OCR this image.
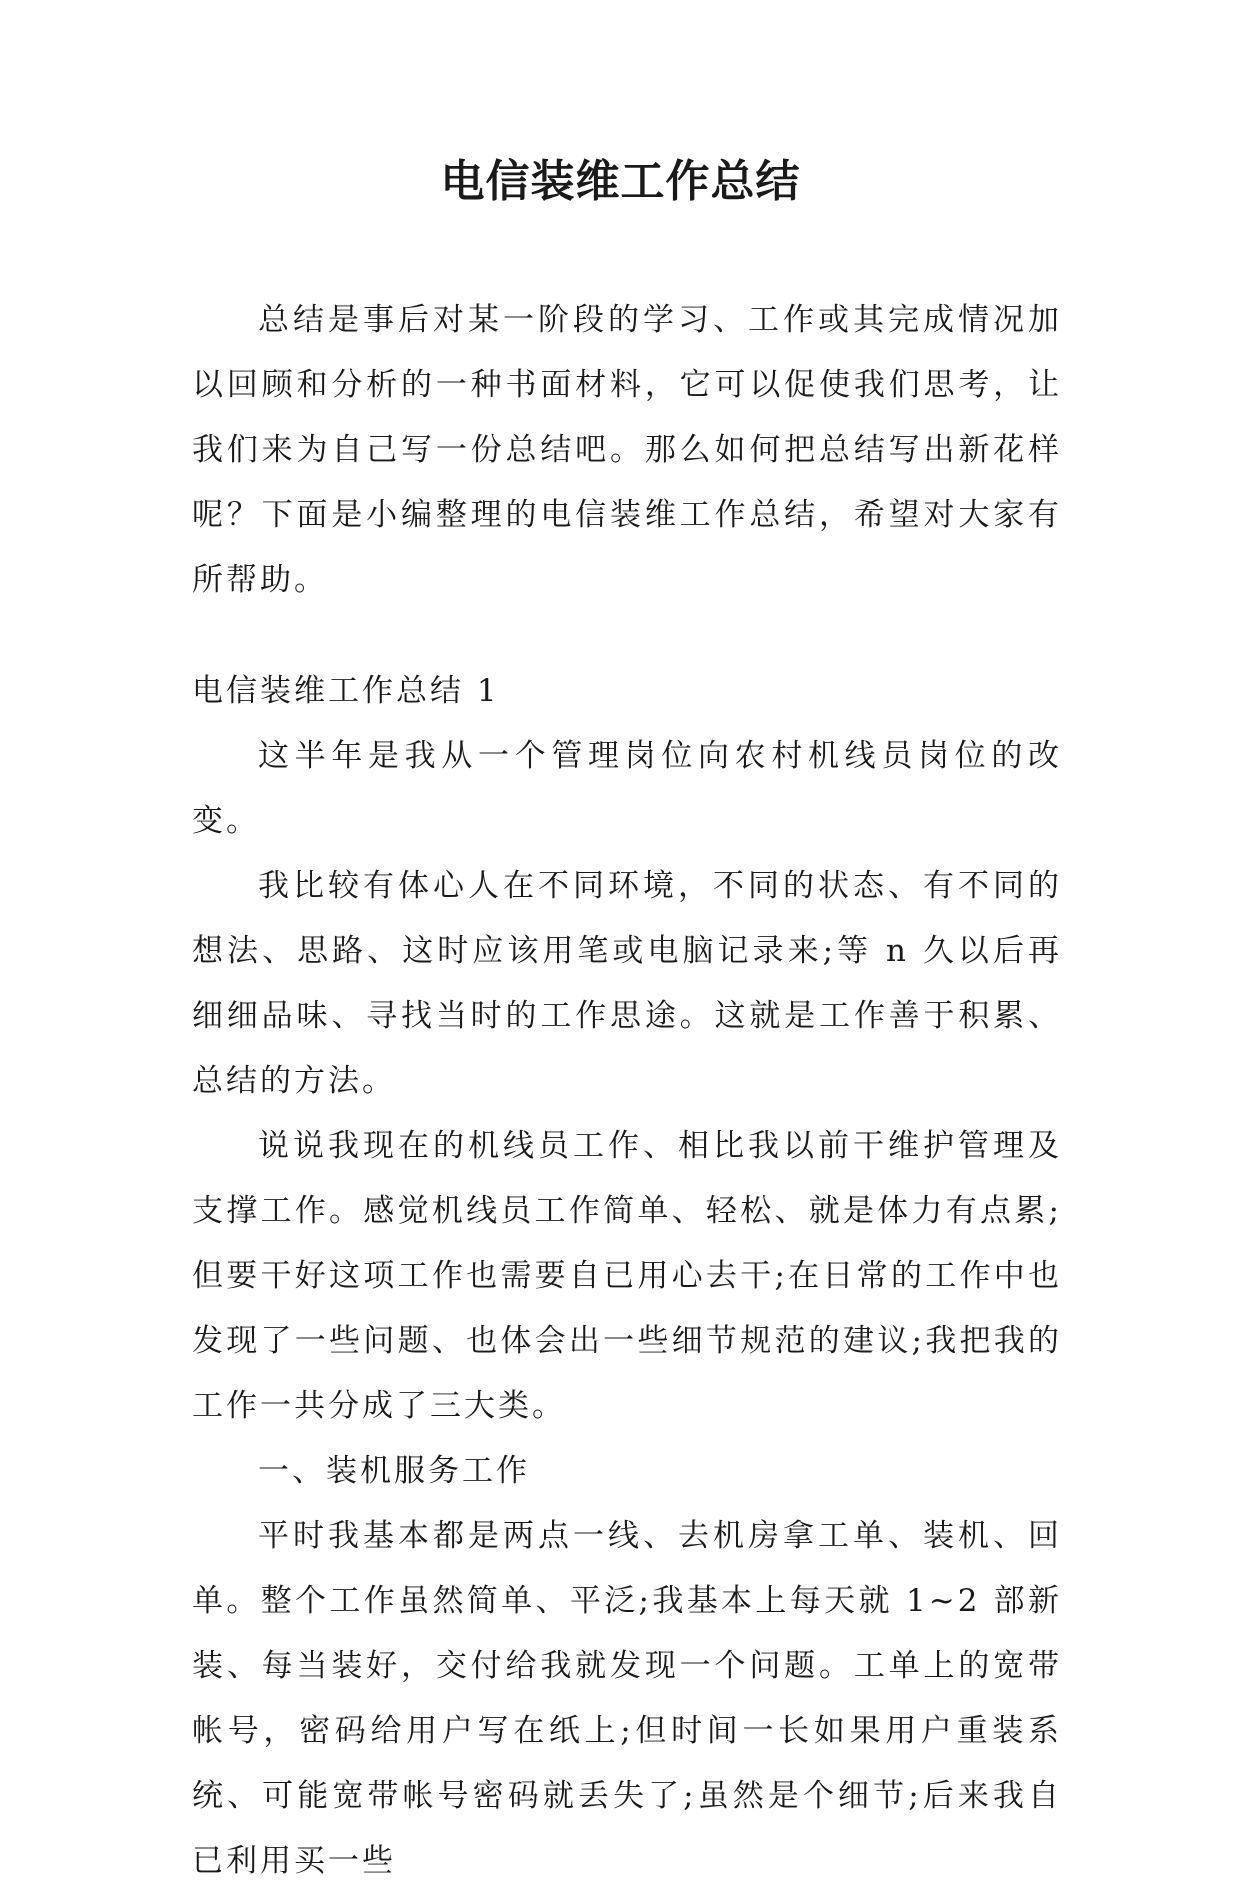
电信装维工作总结

总结是事后对某一阶段的学习、工作或其完成情况加以回顾和分析的一种书面材料，它可以促使我们思考，让我们来为自己写一份总结吧。那么如何把总结写出新花样呢？下面是小编整理的电信装维工作总结，希望对大家有所帮助。

电信装维工作总结 1

这半年是我从一个管理岗位向农村机线员岗位的改变。

我比较有体心人在不同环境，不同的状态、有不同的想法、思路、这时应该用笔或电脑记录来;等 n 久以后再细细品味、寻找当时的工作思途。这就是工作善于积累、总结的方法。

说说我现在的机线员工作、相比我以前干维护管理及支撑工作。感觉机线员工作简单、轻松、就是体力有点累;但要干好这项工作也需要自已用心去干;在日常的工作中也发现了一些问题、也体会出一些细节规范的建议;我把我的工作一共分成了三大类。

一、装机服务工作

平时我基本都是两点一线、去机房拿工单、装机、回单。整个工作虽然简单、平泛;我基本上每天就 1~2 部新装、每当装好，交付给我就发现一个问题。工单上的宽带帐号，密码给用户写在纸上;但时间一长如果用户重装系统、可能宽带帐号密码就丢失了;虽然是个细节;后来我自已利用买一些
